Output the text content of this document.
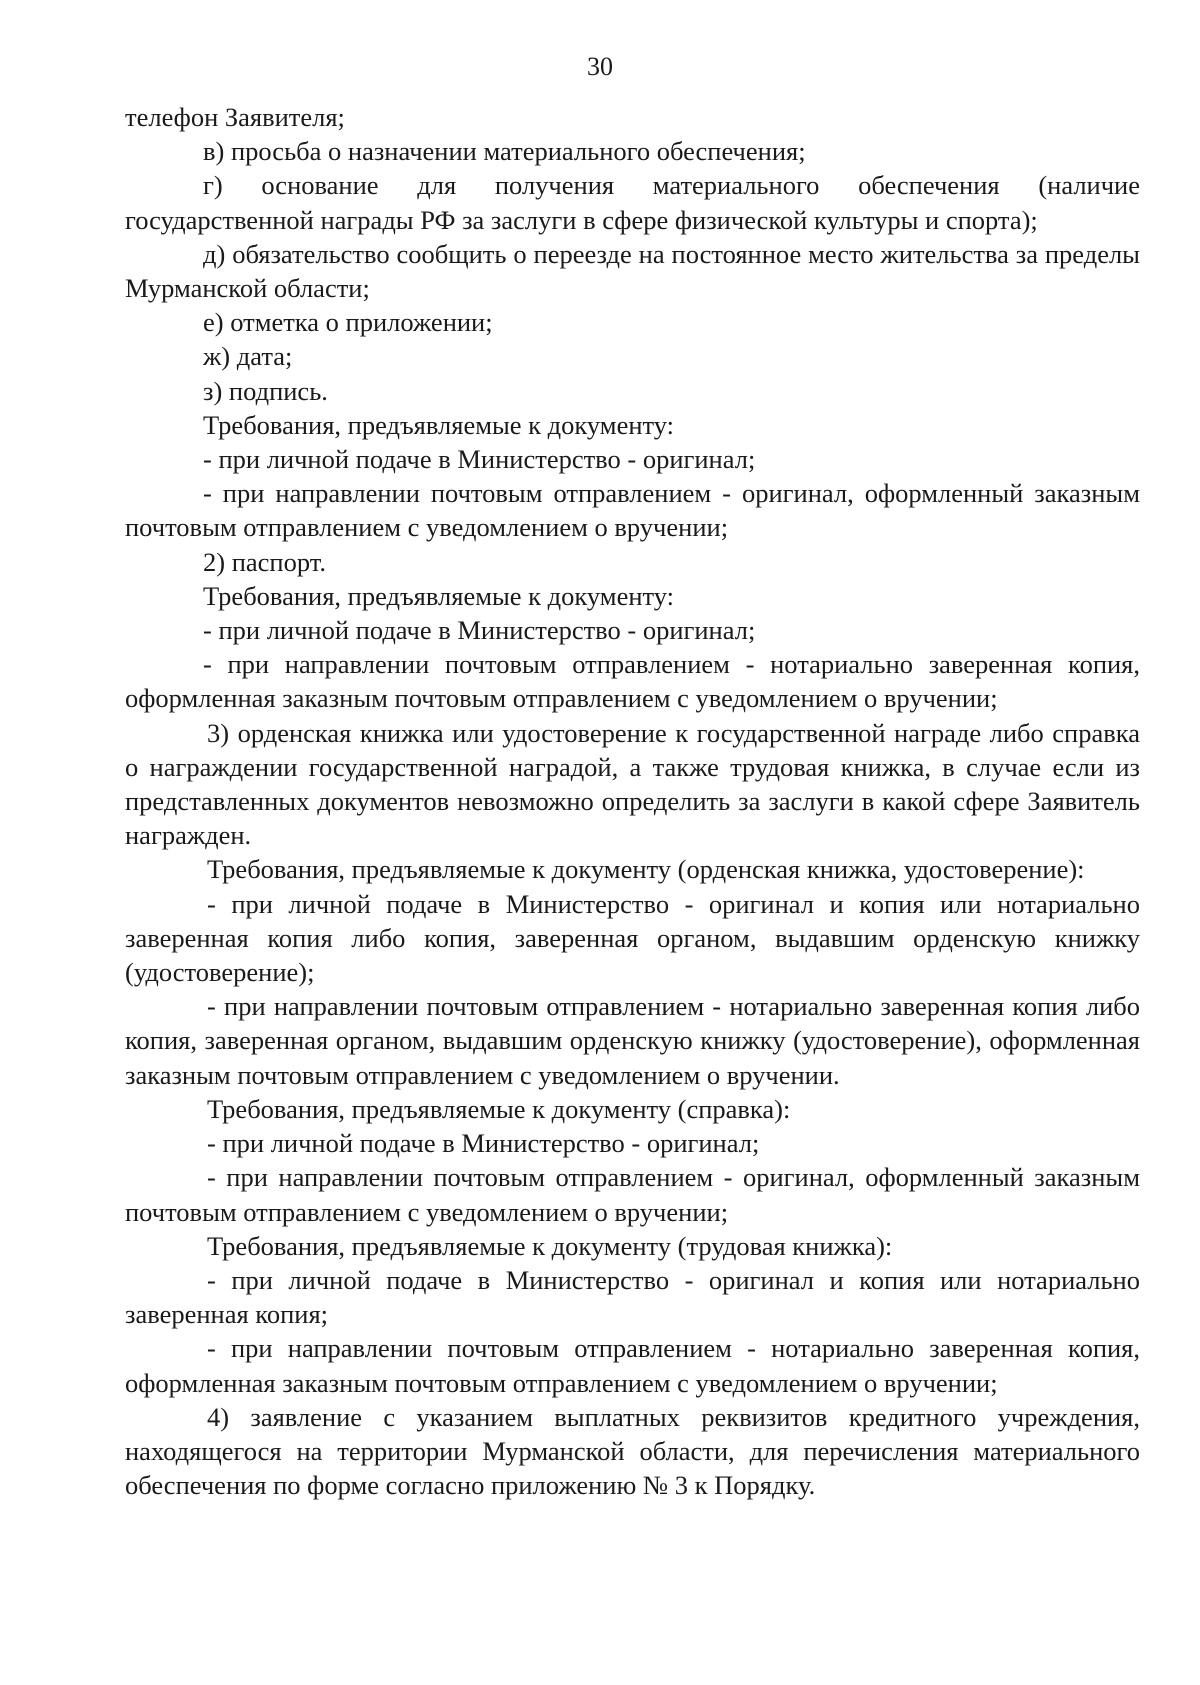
30

телефон Заявителя;

в) просьба о назначении материального обеспечения;

г) основание для получения материального обеспечения (наличие государственной награды РФ за заслуги в сфере физической культуры и спорта);

д) обязательство сообщить о переезде на постоянное место жительства за пределы Мурманской области;

е) отметка о приложении;

ж) дата;

з) подпись.

Требования, предъявляемые к документу:

- при личной подаче в Министерство - оригинал;

- при направлении почтовым отправлением - оригинал, оформленный заказным почтовым отправлением с уведомлением о вручении;

2) паспорт.

Требования, предъявляемые к документу:

- при личной подаче в Министерство - оригинал;

- при направлении почтовым отправлением - нотариально заверенная копия, оформленная заказным почтовым отправлением с уведомлением о вручении;

3) орденская книжка или удостоверение к государственной награде либо справка о награждении государственной наградой, а также трудовая книжка, в случае если из представленных документов невозможно определить за заслуги в какой сфере Заявитель награжден.

Требования, предъявляемые к документу (орденская книжка, удостоверение):

- при личной подаче в Министерство - оригинал и копия или нотариально заверенная копия либо копия, заверенная органом, выдавшим орденскую книжку (удостоверение);

- при направлении почтовым отправлением - нотариально заверенная копия либо копия, заверенная органом, выдавшим орденскую книжку (удостоверение), оформленная заказным почтовым отправлением с уведомлением о вручении.

Требования, предъявляемые к документу (справка):

- при личной подаче в Министерство - оригинал;

- при направлении почтовым отправлением - оригинал, оформленный заказным почтовым отправлением с уведомлением о вручении;

Требования, предъявляемые к документу (трудовая книжка):

- при личной подаче в Министерство - оригинал и копия или нотариально заверенная копия;

- при направлении почтовым отправлением - нотариально заверенная копия, оформленная заказным почтовым отправлением с уведомлением о вручении;

4) заявление с указанием выплатных реквизитов кредитного учреждения, находящегося на территории Мурманской области, для перечисления материального обеспечения по форме согласно приложению № 3 к Порядку.
